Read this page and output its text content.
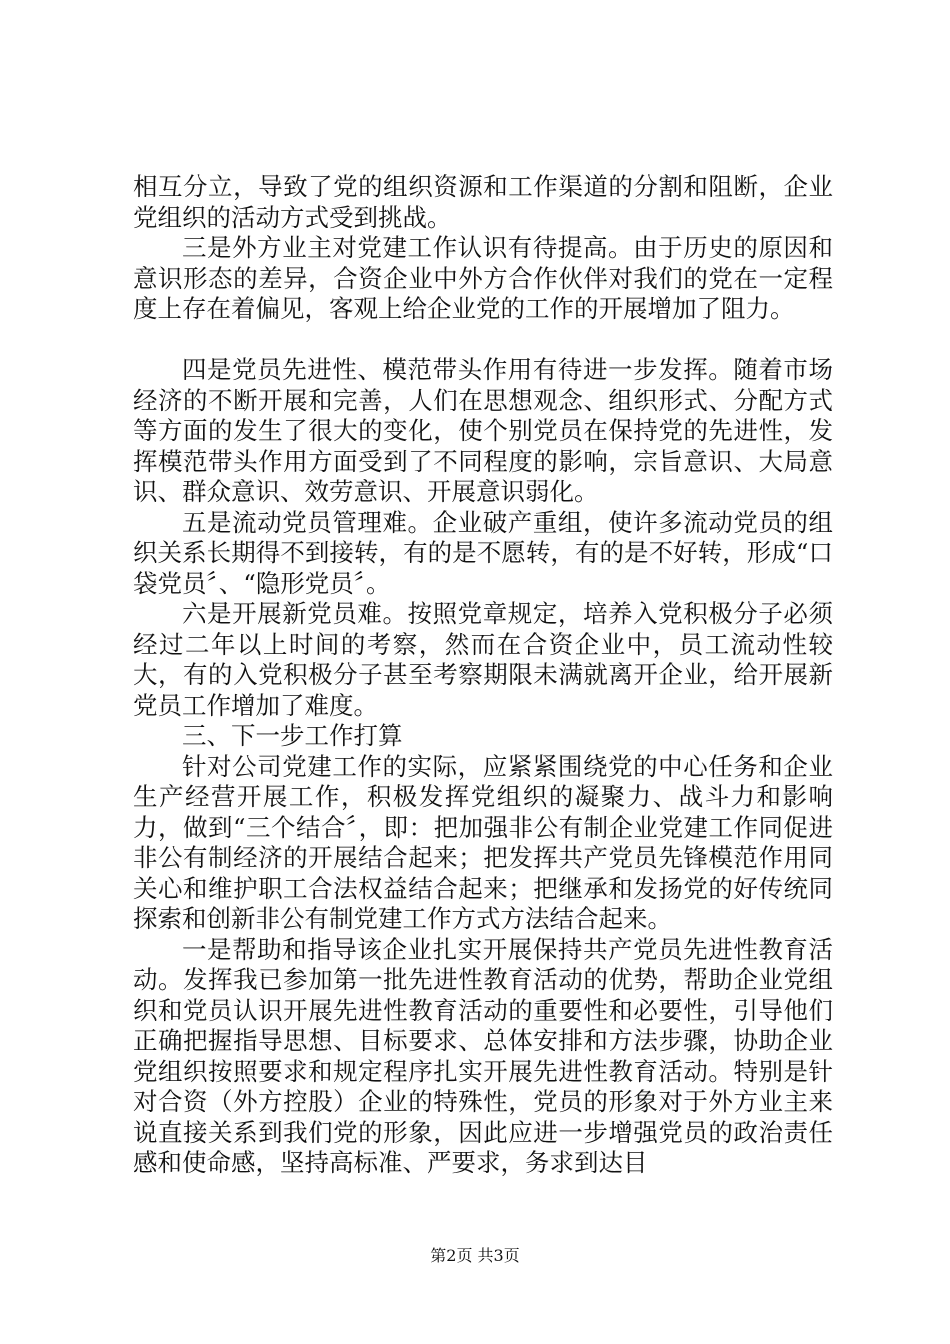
相互分立，导致了党的组织资源和工作渠道的分割和阻断，企业党组织的活动方式受到挑战。

三是外方业主对党建工作认识有待提高。由于历史的原因和意识形态的差异，合资企业中外方合作伙伴对我们的党在一定程度上存在着偏见，客观上给企业党的工作的开展增加了阻力。

四是党员先进性、模范带头作用有待进一步发挥。随着市场经济的不断开展和完善，人们在思想观念、组织形式、分配方式等方面的发生了很大的变化，使个别党员在保持党的先进性，发挥模范带头作用方面受到了不同程度的影响，宗旨意识、大局意识、群众意识、效劳意识、开展意识弱化。

五是流动党员管理难。企业破产重组，使许多流动党员的组织关系长期得不到接转，有的是不愿转，有的是不好转，形成“口袋党员〞、“隐形党员〞。

六是开展新党员难。按照党章规定，培养入党积极分子必须经过二年以上时间的考察，然而在合资企业中，员工流动性较大，有的入党积极分子甚至考察期限未满就离开企业，给开展新党员工作增加了难度。

三、下一步工作打算

针对公司党建工作的实际，应紧紧围绕党的中心任务和企业生产经营开展工作，积极发挥党组织的凝聚力、战斗力和影响力，做到“三个结合〞，即：把加强非公有制企业党建工作同促进非公有制经济的开展结合起来；把发挥共产党员先锋模范作用同关心和维护职工合法权益结合起来；把继承和发扬党的好传统同探索和创新非公有制党建工作方式方法结合起来。

一是帮助和指导该企业扎实开展保持共产党员先进性教育活动。发挥我已参加第一批先进性教育活动的优势，帮助企业党组织和党员认识开展先进性教育活动的重要性和必要性，引导他们正确把握指导思想、目标要求、总体安排和方法步骤，协助企业党组织按照要求和规定程序扎实开展先进性教育活动。特别是针对合资（外方控股）企业的特殊性，党员的形象对于外方业主来说直接关系到我们党的形象，因此应进一步增强党员的政治责任感和使命感，坚持高标准、严要求，务求到达目

第2页 共3页
